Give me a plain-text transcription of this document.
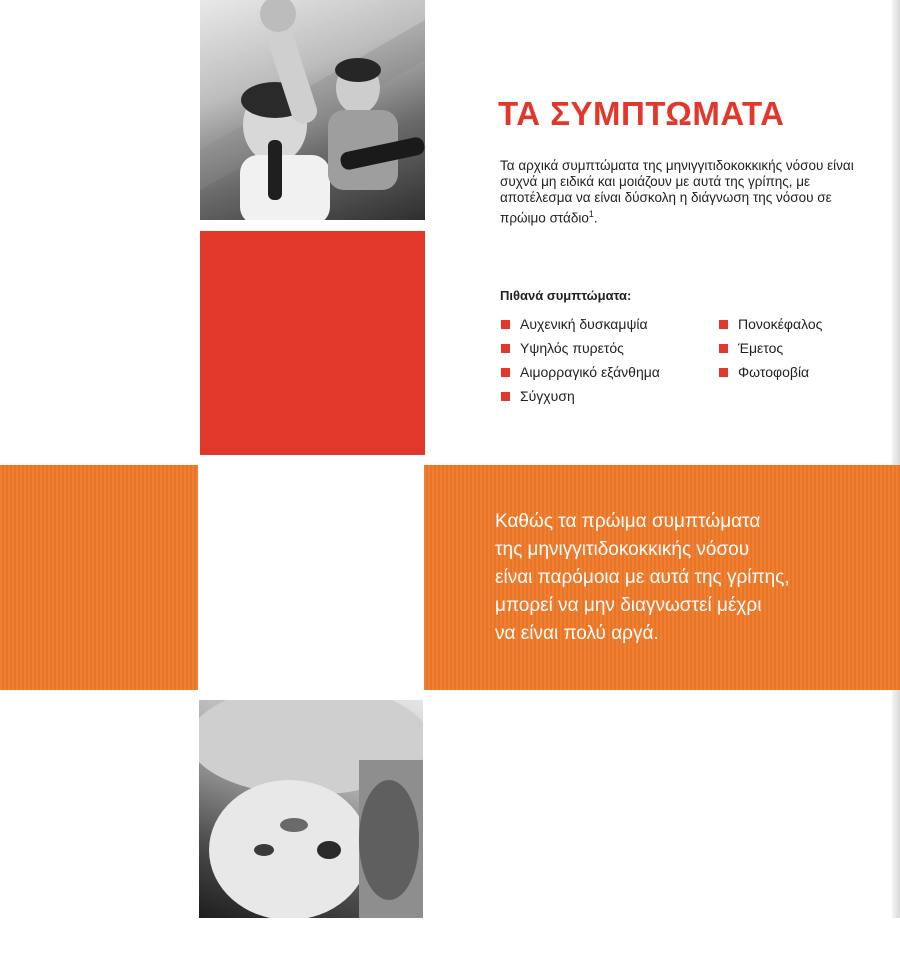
ΤΑ ΣΥΜΠΤΩΜΑΤΑ

Τα αρχικά συμπτώματα της μηνιγγιτιδοκοκκικής νόσου είναι συχνά μη ειδικά και μοιάζουν με αυτά της γρίπης, με αποτέλεσμα να είναι δύσκολη η διάγνωση της νόσου σε πρώιμο στάδιο$^1$.

Πιθανά συμπτώματα:

Αυχενική δυσκαμψία
Υψηλός πυρετός
Αιμορραγικό εξάνθημα
Σύγχυση
Πονοκέφαλος
Έμετος
Φωτοφοβία

Καθώς τα πρώιμα συμπτώματα
της μηνιγγιτιδοκοκκικής νόσου
είναι παρόμοια με αυτά της γρίπης,
μπορεί να μην διαγνωστεί μέχρι
να είναι πολύ αργά.
